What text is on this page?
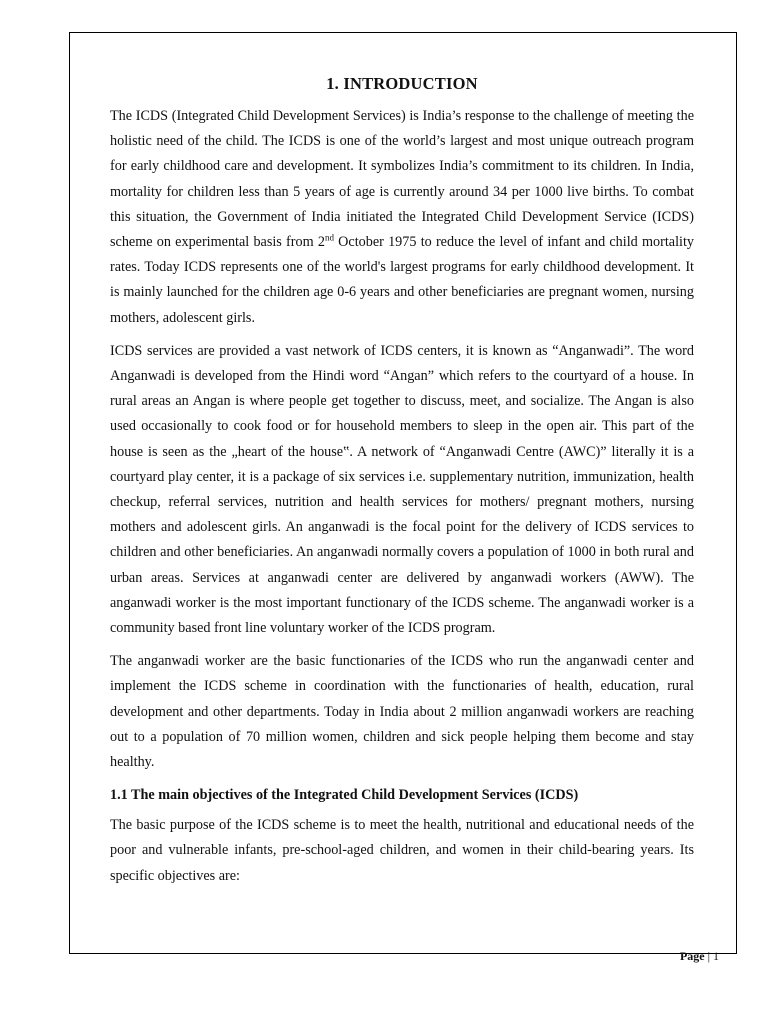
1. INTRODUCTION

The ICDS (Integrated Child Development Services) is India’s response to the challenge of meeting the holistic need of the child. The ICDS is one of the world’s largest and most unique outreach program for early childhood care and development. It symbolizes India’s commitment to its children. In India, mortality for children less than 5 years of age is currently around 34 per 1000 live births. To combat this situation, the Government of India initiated the Integrated Child Development Service (ICDS) scheme on experimental basis from 2nd October 1975 to reduce the level of infant and child mortality rates. Today ICDS represents one of the world's largest programs for early childhood development. It is mainly launched for the children age 0-6 years and other beneficiaries are pregnant women, nursing mothers, adolescent girls.

ICDS services are provided a vast network of ICDS centers, it is known as “Anganwadi”. The word Anganwadi is developed from the Hindi word “Angan” which refers to the courtyard of a house. In rural areas an Angan is where people get together to discuss, meet, and socialize. The Angan is also used occasionally to cook food or for household members to sleep in the open air. This part of the house is seen as the „heart of the house‟. A network of “Anganwadi Centre (AWC)” literally it is a courtyard play center, it is a package of six services i.e. supplementary nutrition, immunization, health checkup, referral services, nutrition and health services for mothers/ pregnant mothers, nursing mothers and adolescent girls. An anganwadi is the focal point for the delivery of ICDS services to children and other beneficiaries. An anganwadi normally covers a population of 1000 in both rural and urban areas. Services at anganwadi center are delivered by anganwadi workers (AWW). The anganwadi worker is the most important functionary of the ICDS scheme. The anganwadi worker is a community based front line voluntary worker of the ICDS program.

The anganwadi worker are the basic functionaries of the ICDS who run the anganwadi center and implement the ICDS scheme in coordination with the functionaries of health, education, rural development and other departments. Today in India about 2 million anganwadi workers are reaching out to a population of 70 million women, children and sick people helping them become and stay healthy.

1.1 The main objectives of the Integrated Child Development Services (ICDS)

The basic purpose of the ICDS scheme is to meet the health, nutritional and educational needs of the poor and vulnerable infants, pre-school-aged children, and women in their child-bearing years. Its specific objectives are:

Page | 1
